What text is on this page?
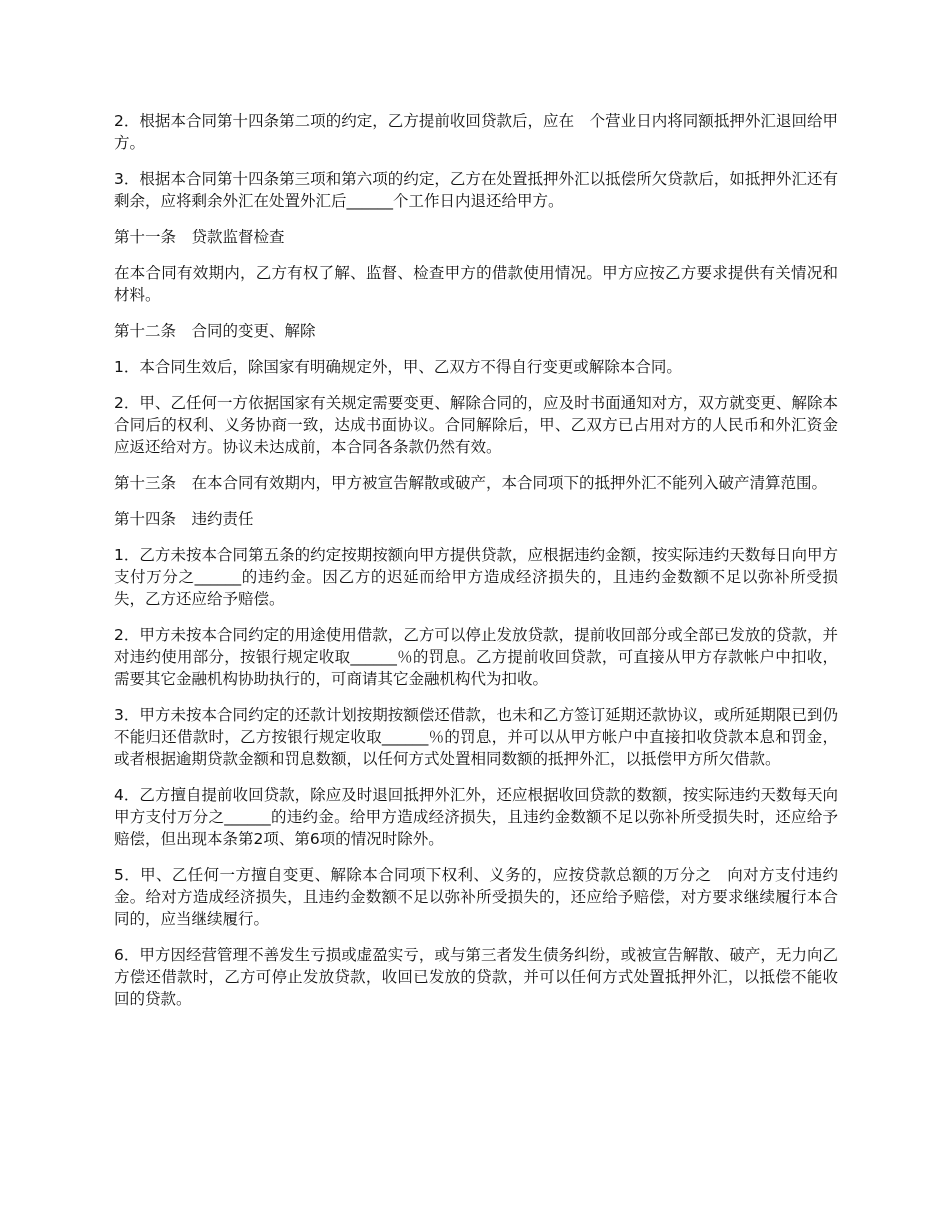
2．根据本合同第十四条第二项的约定，乙方提前收回贷款后，应在　个营业日内将同额抵押外汇退回给甲方。

3．根据本合同第十四条第三项和第六项的约定，乙方在处置抵押外汇以抵偿所欠贷款后，如抵押外汇还有剩余，应将剩余外汇在处置外汇后______个工作日内退还给甲方。

第十一条　贷款监督检查

在本合同有效期内，乙方有权了解、监督、检查甲方的借款使用情况。甲方应按乙方要求提供有关情况和材料。

第十二条　合同的变更、解除

1．本合同生效后，除国家有明确规定外，甲、乙双方不得自行变更或解除本合同。

2．甲、乙任何一方依据国家有关规定需要变更、解除合同的，应及时书面通知对方，双方就变更、解除本合同后的权利、义务协商一致，达成书面协议。合同解除后，甲、乙双方已占用对方的人民币和外汇资金应返还给对方。协议未达成前，本合同各条款仍然有效。

第十三条　在本合同有效期内，甲方被宣告解散或破产，本合同项下的抵押外汇不能列入破产清算范围。

第十四条　违约责任

1．乙方未按本合同第五条的约定按期按额向甲方提供贷款，应根据违约金额，按实际违约天数每日向甲方支付万分之______的违约金。因乙方的迟延而给甲方造成经济损失的，且违约金数额不足以弥补所受损失，乙方还应给予赔偿。

2．甲方未按本合同约定的用途使用借款，乙方可以停止发放贷款，提前收回部分或全部已发放的贷款，并对违约使用部分，按银行规定收取______％的罚息。乙方提前收回贷款，可直接从甲方存款帐户中扣收，需要其它金融机构协助执行的，可商请其它金融机构代为扣收。

3．甲方未按本合同约定的还款计划按期按额偿还借款，也未和乙方签订延期还款协议，或所延期限已到仍不能归还借款时，乙方按银行规定收取______％的罚息，并可以从甲方帐户中直接扣收贷款本息和罚金，或者根据逾期贷款金额和罚息数额，以任何方式处置相同数额的抵押外汇，以抵偿甲方所欠借款。

4．乙方擅自提前收回贷款，除应及时退回抵押外汇外，还应根据收回贷款的数额，按实际违约天数每天向甲方支付万分之______的违约金。给甲方造成经济损失，且违约金数额不足以弥补所受损失时，还应给予赔偿，但出现本条第2项、第6项的情况时除外。

5．甲、乙任何一方擅自变更、解除本合同项下权利、义务的，应按贷款总额的万分之　向对方支付违约金。给对方造成经济损失，且违约金数额不足以弥补所受损失的，还应给予赔偿，对方要求继续履行本合同的，应当继续履行。

6．甲方因经营管理不善发生亏损或虚盈实亏，或与第三者发生债务纠纷，或被宣告解散、破产，无力向乙方偿还借款时，乙方可停止发放贷款，收回已发放的贷款，并可以任何方式处置抵押外汇，以抵偿不能收回的贷款。
